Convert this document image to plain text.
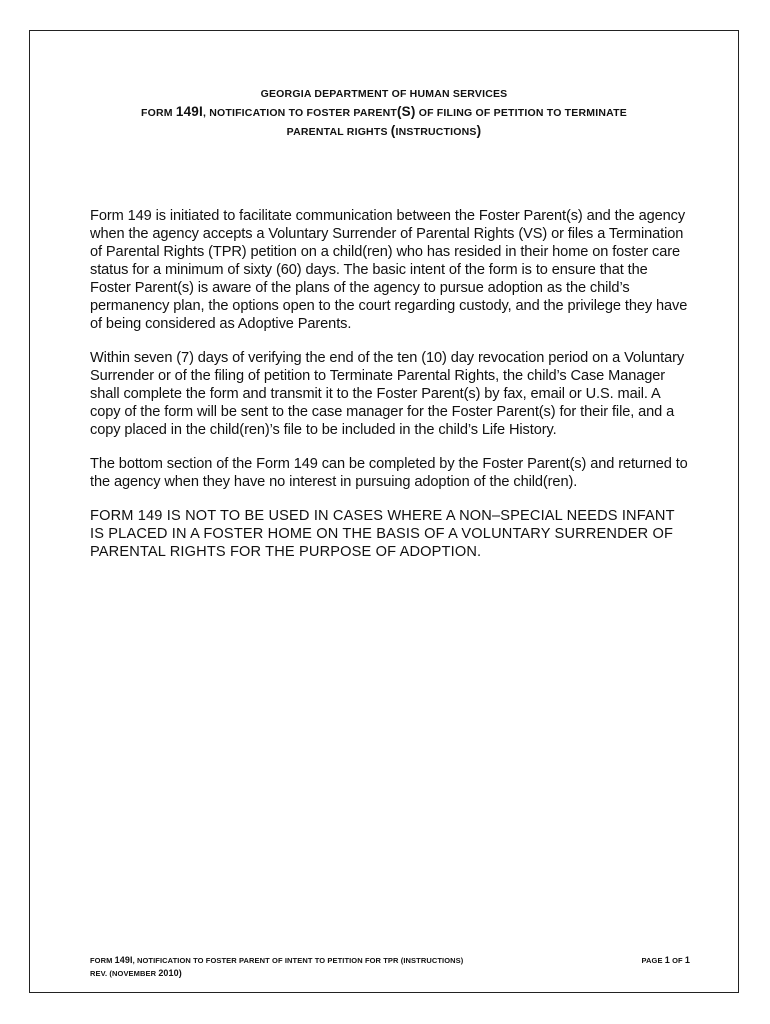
GEORGIA DEPARTMENT OF HUMAN SERVICES
FORM 149I, NOTIFICATION TO FOSTER PARENT(S) OF FILING OF PETITION TO TERMINATE
PARENTAL RIGHTS (INSTRUCTIONS)

Form 149 is initiated to facilitate communication between the Foster Parent(s) and the agency when the agency accepts a Voluntary Surrender of Parental Rights (VS) or files a Termination of Parental Rights (TPR) petition on a child(ren) who has resided in their home on foster care status for a minimum of sixty (60) days. The basic intent of the form is to ensure that the Foster Parent(s) is aware of the plans of the agency to pursue adoption as the child’s permanency plan, the options open to the court regarding custody, and the privilege they have of being considered as Adoptive Parents.

Within seven (7) days of verifying the end of the ten (10) day revocation period on a Voluntary Surrender or of the filing of petition to Terminate Parental Rights, the child’s Case Manager shall complete the form and transmit it to the Foster Parent(s) by fax, email or U.S. mail. A copy of the form will be sent to the case manager for the Foster Parent(s) for their file, and a copy placed in the child(ren)’s file to be included in the child’s Life History.

The bottom section of the Form 149 can be completed by the Foster Parent(s) and returned to the agency when they have no interest in pursuing adoption of the child(ren).

FORM 149 IS NOT TO BE USED IN CASES WHERE A NON–SPECIAL NEEDS INFANT IS PLACED IN A FOSTER HOME ON THE BASIS OF A VOLUNTARY SURRENDER OF PARENTAL RIGHTS FOR THE PURPOSE OF ADOPTION.

FORM 149I, NOTIFICATION TO FOSTER PARENT OF INTENT TO PETITION FOR TPR (INSTRUCTIONS)	PAGE 1 OF 1
REV. (NOVEMBER 2010)
